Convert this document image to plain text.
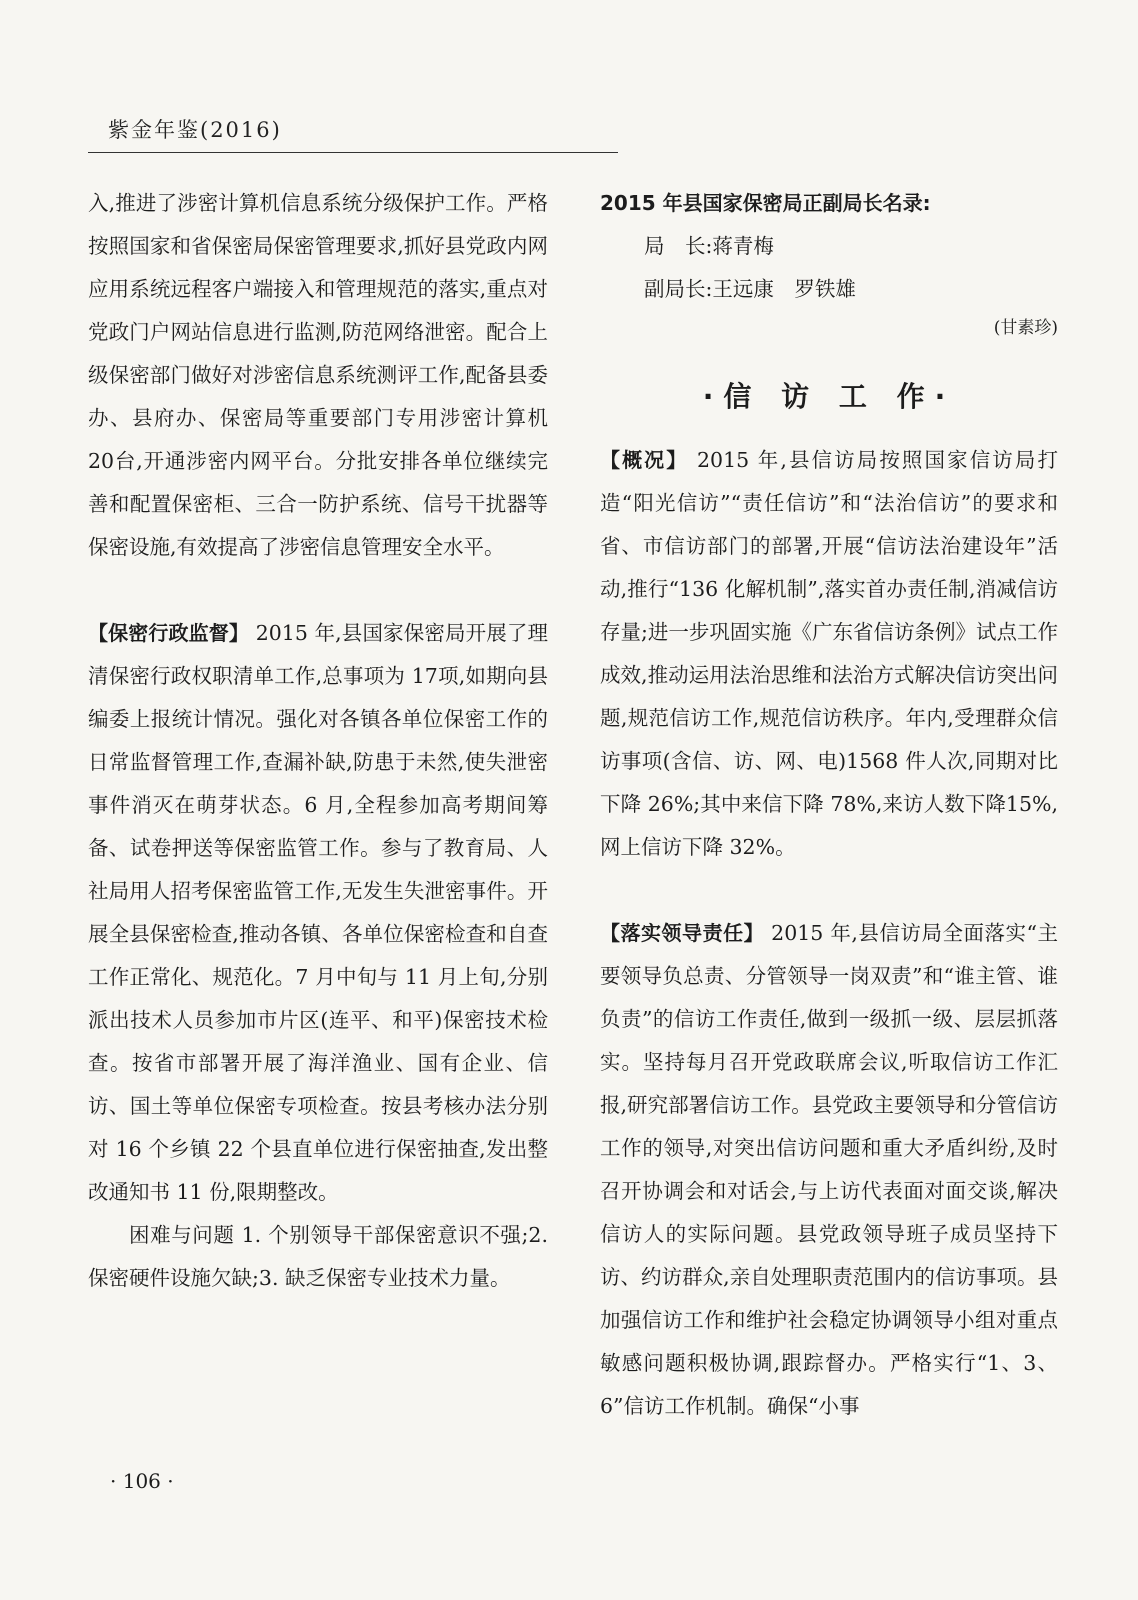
紫金年鉴(2016)

入,推进了涉密计算机信息系统分级保护工作。严格按照国家和省保密局保密管理要求,抓好县党政内网应用系统远程客户端接入和管理规范的落实,重点对党政门户网站信息进行监测,防范网络泄密。配合上级保密部门做好对涉密信息系统测评工作,配备县委办、县府办、保密局等重要部门专用涉密计算机 20台,开通涉密内网平台。分批安排各单位继续完善和配置保密柜、三合一防护系统、信号干扰器等保密设施,有效提高了涉密信息管理安全水平。

【保密行政监督】 2015 年,县国家保密局开展了理清保密行政权职清单工作,总事项为 17项,如期向县编委上报统计情况。强化对各镇各单位保密工作的日常监督管理工作,查漏补缺,防患于未然,使失泄密事件消灭在萌芽状态。6 月,全程参加高考期间筹备、试卷押送等保密监管工作。参与了教育局、人社局用人招考保密监管工作,无发生失泄密事件。开展全县保密检查,推动各镇、各单位保密检查和自查工作正常化、规范化。7 月中旬与 11 月上旬,分别派出技术人员参加市片区(连平、和平)保密技术检查。按省市部署开展了海洋渔业、国有企业、信访、国土等单位保密专项检查。按县考核办法分别对 16 个乡镇 22 个县直单位进行保密抽查,发出整改通知书 11 份,限期整改。

困难与问题 1. 个别领导干部保密意识不强;2. 保密硬件设施欠缺;3. 缺乏保密专业技术力量。

2015 年县国家保密局正副局长名录:

局　长:蒋青梅

副局长:王远康　罗铁雄

(甘素珍)

·信 访 工 作·

【概况】 2015 年,县信访局按照国家信访局打造“阳光信访”“责任信访”和“法治信访”的要求和省、市信访部门的部署,开展“信访法治建设年”活动,推行“136 化解机制”,落实首办责任制,消减信访存量;进一步巩固实施《广东省信访条例》试点工作成效,推动运用法治思维和法治方式解决信访突出问题,规范信访工作,规范信访秩序。年内,受理群众信访事项(含信、访、网、电)1568 件人次,同期对比下降 26%;其中来信下降 78%,来访人数下降15%,网上信访下降 32%。

【落实领导责任】 2015 年,县信访局全面落实“主要领导负总责、分管领导一岗双责”和“谁主管、谁负责”的信访工作责任,做到一级抓一级、层层抓落实。坚持每月召开党政联席会议,听取信访工作汇报,研究部署信访工作。县党政主要领导和分管信访工作的领导,对突出信访问题和重大矛盾纠纷,及时召开协调会和对话会,与上访代表面对面交谈,解决信访人的实际问题。县党政领导班子成员坚持下访、约访群众,亲自处理职责范围内的信访事项。县加强信访工作和维护社会稳定协调领导小组对重点敏感问题积极协调,跟踪督办。严格实行“1、3、6”信访工作机制。确保“小事

· 106 ·
